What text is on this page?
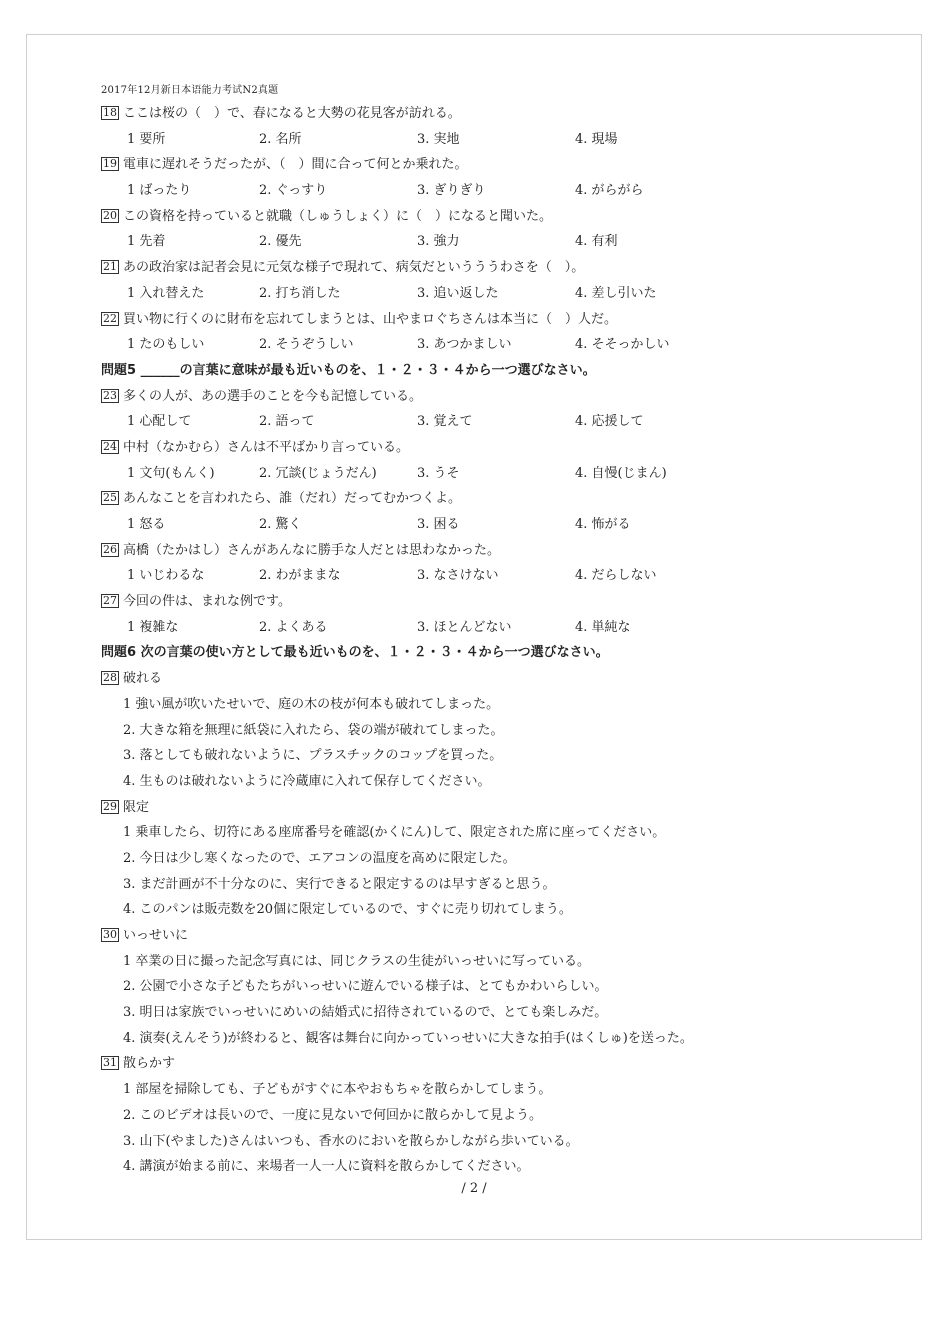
2017年12月新日本语能力考试N2真题
18 ここは桜の（　）で、春になると大勢の花見客が訪れる。
1 要所	2. 名所	3. 実地	4. 現場
19 電車に遅れそうだったが、（　）間に合って何とか乗れた。
1 ばったり	2. ぐっすり	3. ぎりぎり	4. がらがら
20 この資格を持っていると就職（しゅうしょく）に（　）になると聞いた。
1 先着	2. 優先	3. 強力	4. 有利
21 あの政治家は記者会見に元気な様子で現れて、病気だというううわさを（　）。
1 入れ替えた	2. 打ち消した	3. 追い返した	4. 差し引いた
22 買い物に行くのに財布を忘れてしまうとは、山やまロぐちさんは本当に（　）人だ。
1 たのもしい	2. そうぞうしい	3. あつかましい	4. そそっかしい
問題5 ______の言葉に意味が最も近いものを、１・２・３・４から一つ選びなさい。
23 多くの人が、あの選手のことを今も記憶している。
1 心配して	2. 語って	3. 覚えて	4. 応援して
24 中村（なかむら）さんは不平ばかり言っている。
1 文句(もんく)	2. 冗談(じょうだん)	3. うそ	4. 自慢(じまん)
25 あんなことを言われたら、誰（だれ）だってむかつくよ。
1 怒る	2. 驚く	3. 困る	4. 怖がる
26 高橋（たかはし）さんがあんなに勝手な人だとは思わなかった。
1 いじわるな	2. わがままな	3. なさけない	4. だらしない
27 今回の件は、まれな例です。
1 複雑な	2. よくある	3. ほとんどない	4. 単純な
問題6 次の言葉の使い方として最も近いものを、１・２・３・４から一つ選びなさい。
28 破れる
1 強い風が吹いたせいで、庭の木の枝が何本も破れてしまった。
2. 大きな箱を無理に紙袋に入れたら、袋の端が破れてしまった。
3. 落としても破れないように、プラスチックのコップを買った。
4. 生ものは破れないように冷蔵庫に入れて保存してください。
29 限定
1 乗車したら、切符にある座席番号を確認(かくにん)して、限定された席に座ってください。
2. 今日は少し寒くなったので、エアコンの温度を高めに限定した。
3. まだ計画が不十分なのに、実行できると限定するのは早すぎると思う。
4. このパンは販売数を20個に限定しているので、すぐに売り切れてしまう。
30 いっせいに
1 卒業の日に撮った記念写真には、同じクラスの生徒がいっせいに写っている。
2. 公園で小さな子どもたちがいっせいに遊んでいる様子は、とてもかわいらしい。
3. 明日は家族でいっせいにめいの結婚式に招待されているので、とても楽しみだ。
4. 演奏(えんそう)が終わると、観客は舞台に向かっていっせいに大きな拍手(はくしゅ)を送った。
31 散らかす
1 部屋を掃除しても、子どもがすぐに本やおもちゃを散らかしてしまう。
2. このビデオは長いので、一度に見ないで何回かに散らかして見よう。
3. 山下(やました)さんはいつも、香水のにおいを散らかしながら歩いている。
4. 講演が始まる前に、来場者一人一人に資料を散らかしてください。
/ 2 /
